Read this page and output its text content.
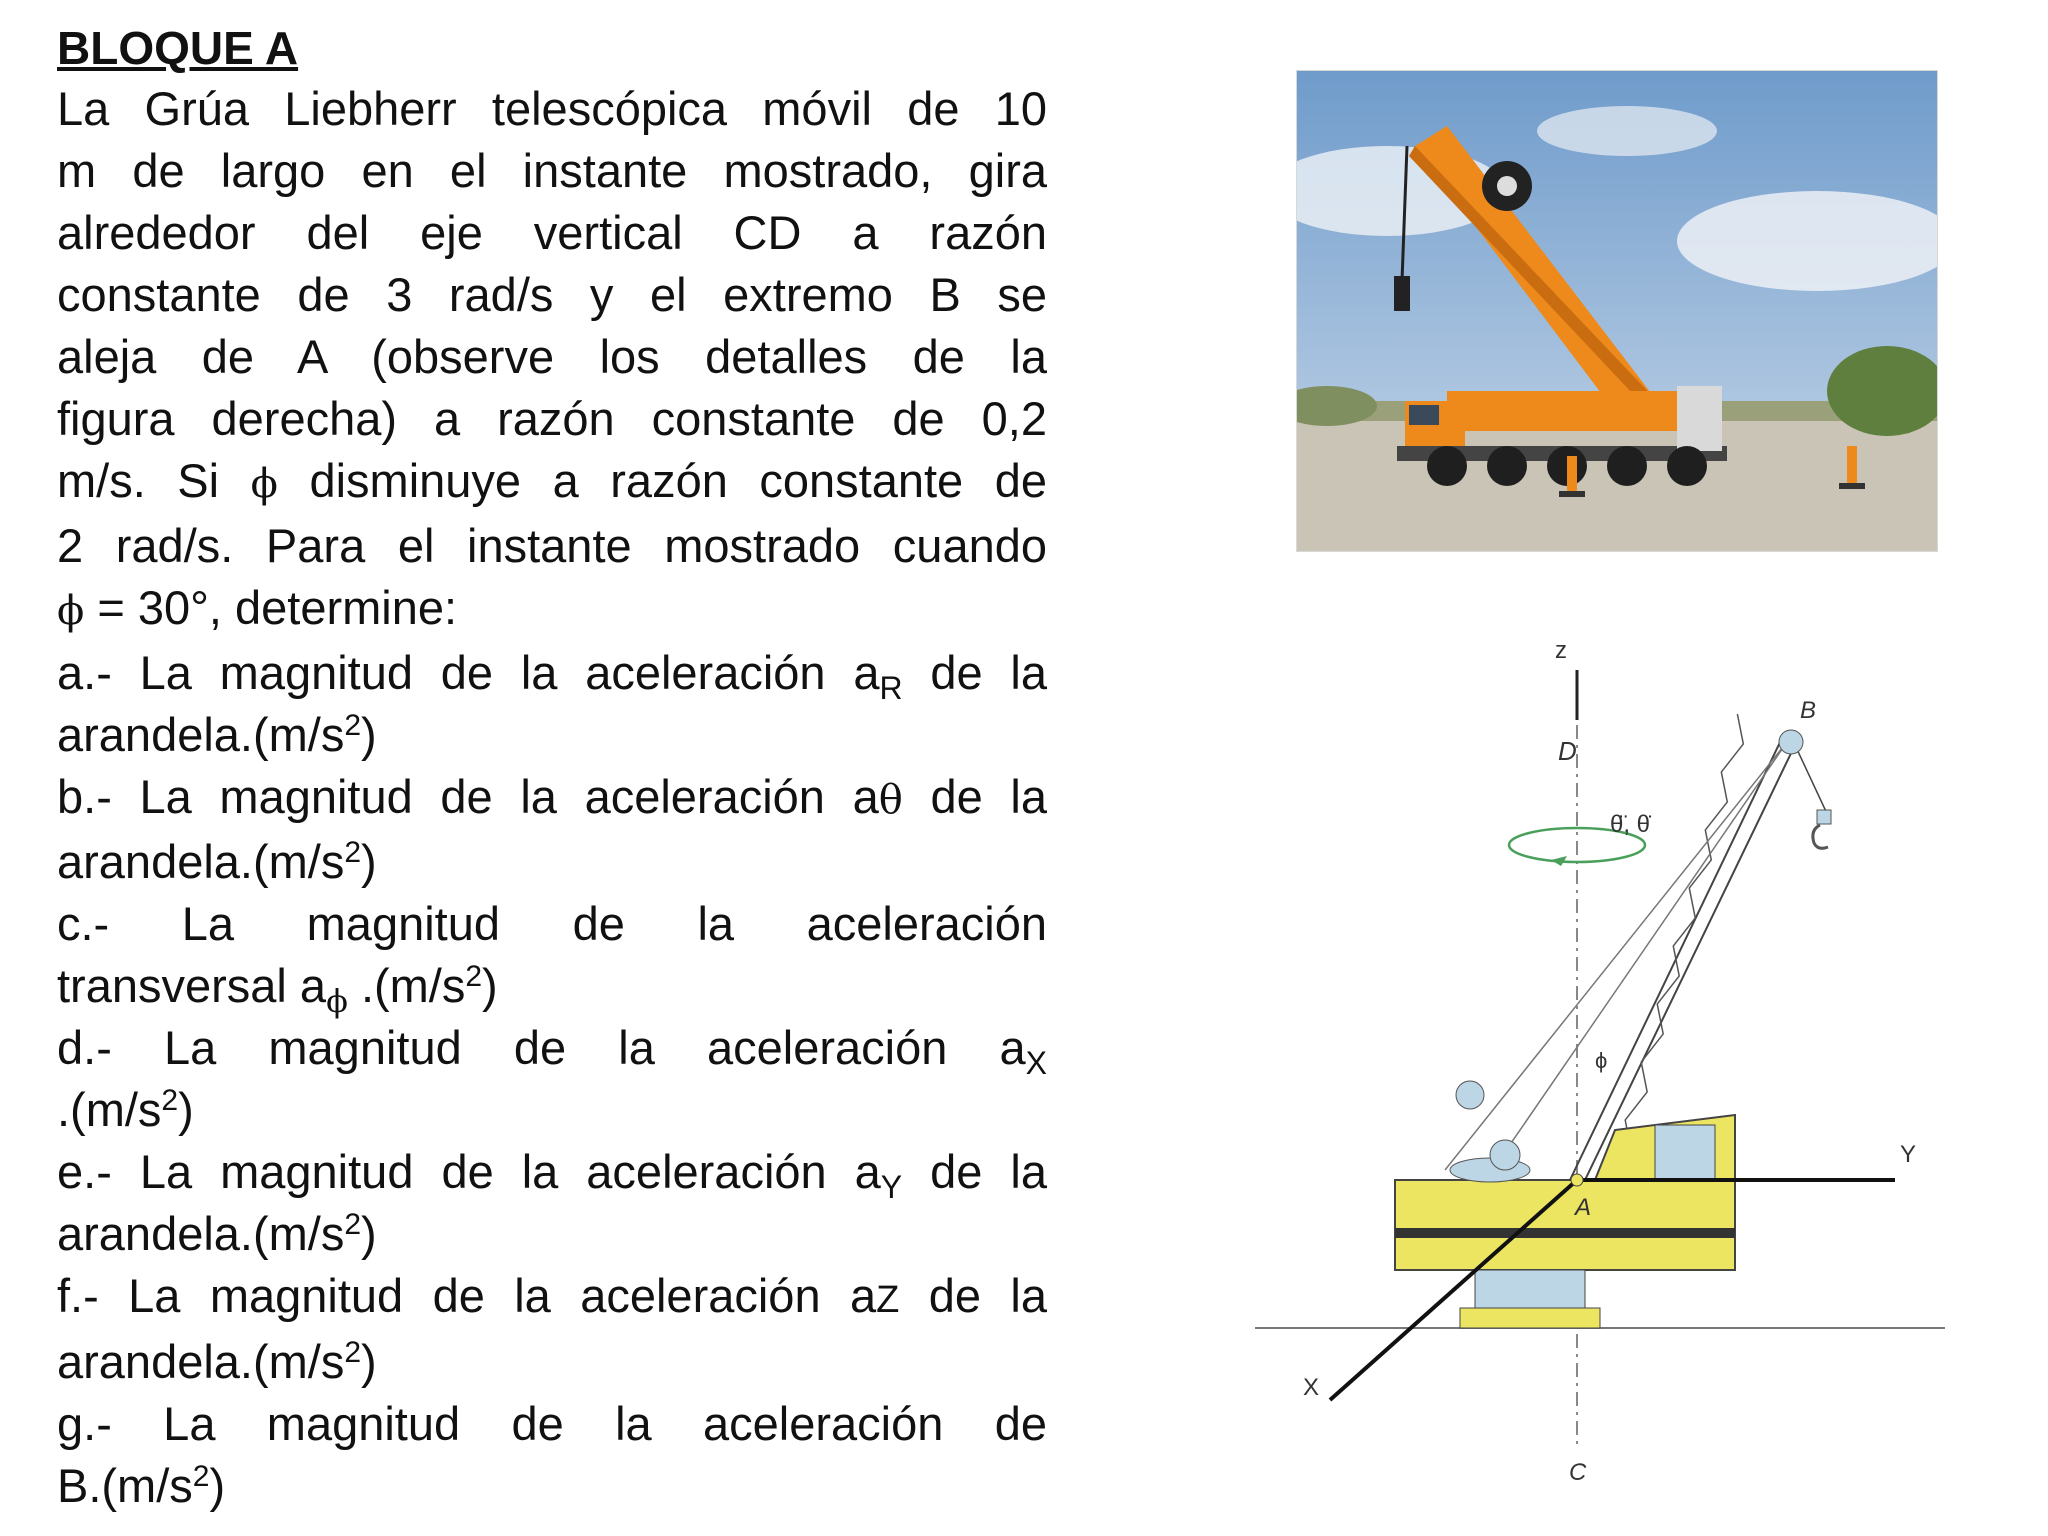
BLOQUE A

La Grúa Liebherr telescópica móvil de 10
m de largo en el instante mostrado, gira
alrededor del eje vertical CD a razón
constante de 3 rad/s y el extremo B se
aleja de A (observe los detalles de la
figura derecha) a razón constante de 0,2
m/s. Si ϕ disminuye a razón constante de
2 rad/s. Para el instante mostrado cuando
ϕ = 30°, determine:
a.- La magnitud de la aceleración $a_R$ de la
$arandela.(m/s^2)$
b.- La magnitud de la aceleración aθ de la
$arandela.(m/s^2)$
c.- La magnitud de la aceleración
transversal $a_\phi$ $.(m/s^2)$
d.- La magnitud de la aceleración $a_X$
$.(m/s^2)$
e.- La magnitud de la aceleración $a_Y$ de la
$arandela.(m/s^2)$
f.- La magnitud de la aceleración aZ de la
$arandela.(m/s^2)$
g.- La magnitud de la aceleración de
$B.(m/s^2)$
z
D
B
θ̈, θ̇
ϕ
Y
A
X
C
